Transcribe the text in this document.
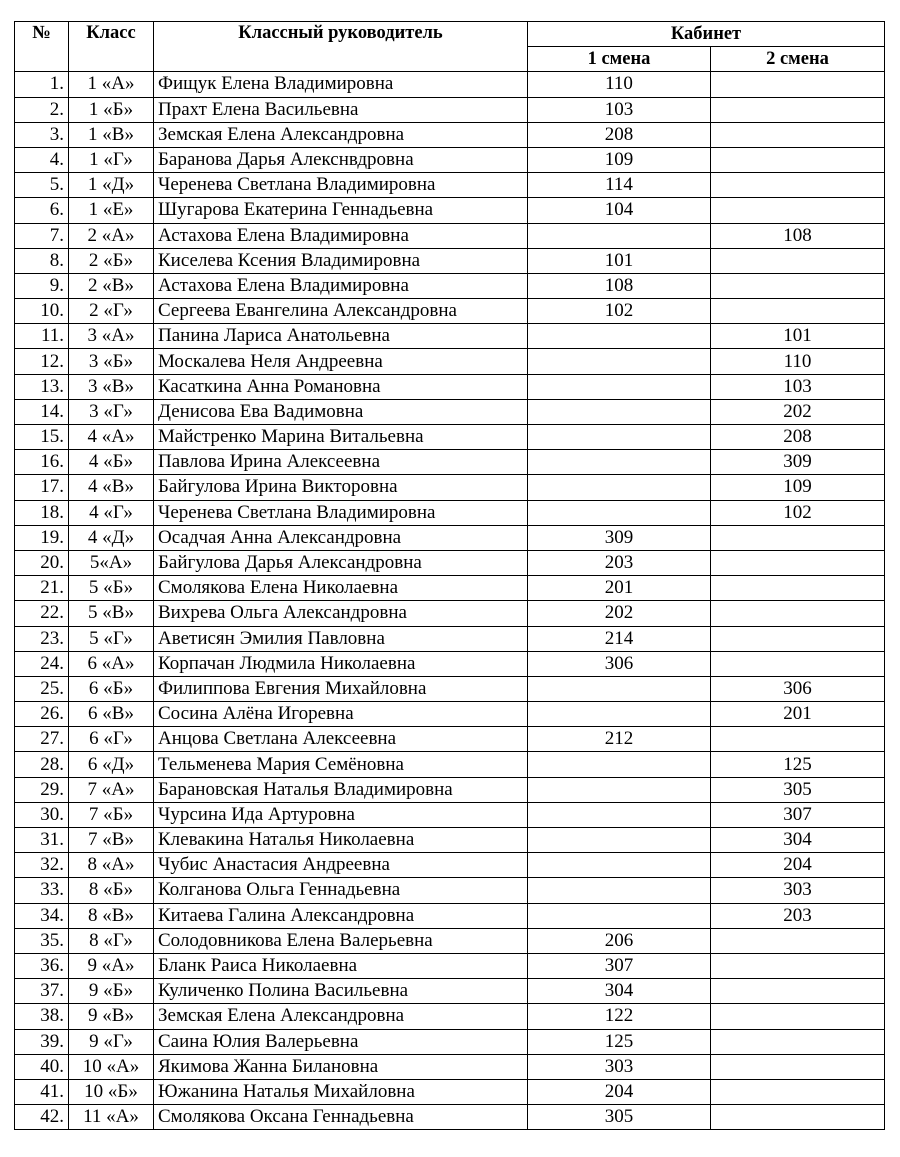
№	Класс	Классный руководитель	Кабинет	
			1 смена	2 смена
1.	1 «А»	Фищук Елена Владимировна	110	
2.	1 «Б»	Прахт Елена Васильевна	103	
3.	1 «В»	Земская Елена Александровна	208	
4.	1 «Г»	Баранова Дарья Алекснвдровна	109	
5.	1 «Д»	Черенева Светлана Владимировна	114	
6.	1 «Е»	Шугарова Екатерина Геннадьевна	104	
7.	2 «А»	Астахова Елена Владимировна		108
8.	2 «Б»	Киселева Ксения Владимировна	101	
9.	2 «В»	Астахова Елена Владимировна	108	
10.	2 «Г»	Сергеева Евангелина Александровна	102	
11.	3 «А»	Панина Лариса Анатольевна		101
12.	3 «Б»	Москалева Неля Андреевна		110
13.	3 «В»	Касаткина Анна Романовна		103
14.	3 «Г»	Денисова Ева Вадимовна		202
15.	4 «А»	Майстренко Марина Витальевна		208
16.	4 «Б»	Павлова Ирина Алексеевна		309
17.	4 «В»	Байгулова Ирина Викторовна		109
18.	4 «Г»	Черенева Светлана Владимировна		102
19.	4 «Д»	Осадчая Анна Александровна	309	
20.	5«А»	Байгулова Дарья Александровна	203	
21.	5 «Б»	Смолякова Елена Николаевна	201	
22.	5 «В»	Вихрева Ольга Александровна	202	
23.	5 «Г»	Аветисян Эмилия Павловна	214	
24.	6 «А»	Корпачан Людмила Николаевна	306	
25.	6 «Б»	Филиппова Евгения Михайловна		306
26.	6 «В»	Сосина Алёна Игоревна		201
27.	6 «Г»	Анцова Светлана Алексеевна	212	
28.	6 «Д»	Тельменева Мария Семёновна		125
29.	7 «А»	Барановская Наталья Владимировна		305
30.	7 «Б»	Чурсина Ида Артуровна		307
31.	7 «В»	Клевакина Наталья Николаевна		304
32.	8 «А»	Чубис Анастасия Андреевна		204
33.	8 «Б»	Колганова Ольга Геннадьевна		303
34.	8 «В»	Китаева Галина Александровна		203
35.	8 «Г»	Солодовникова Елена Валерьевна	206	
36.	9 «А»	Бланк Раиса Николаевна	307	
37.	9 «Б»	Куличенко Полина Васильевна	304	
38.	9 «В»	Земская Елена Александровна	122	
39.	9 «Г»	Саина Юлия Валерьевна	125	
40.	10 «А»	Якимова Жанна Билановна	303	
41.	10 «Б»	Южанина Наталья Михайловна	204	
42.	11 «А»	Смолякова Оксана Геннадьевна	305	
